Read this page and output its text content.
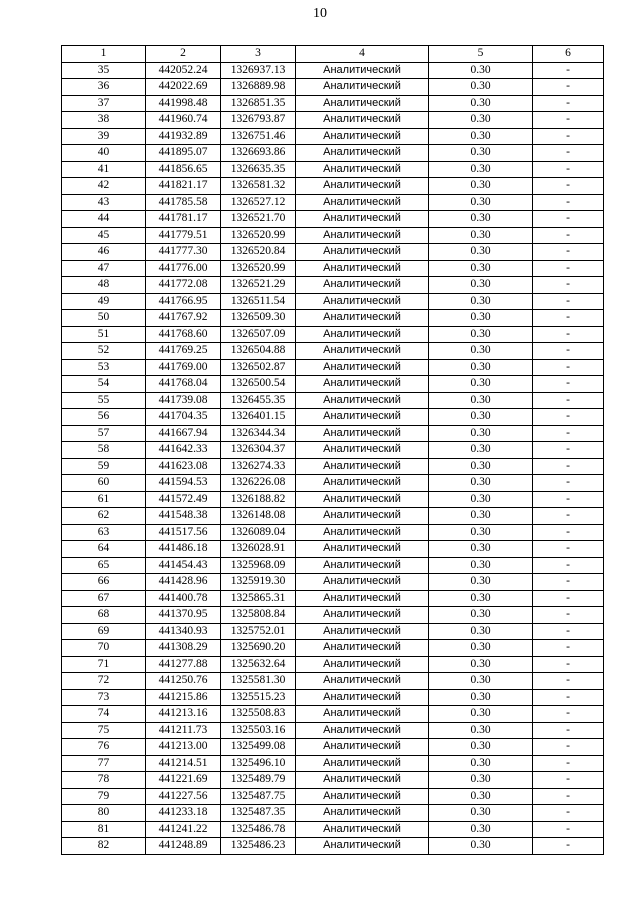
10
1	2	3	4	5	6
35	442052.24	1326937.13	Аналитический	0.30	-
36	442022.69	1326889.98	Аналитический	0.30	-
37	441998.48	1326851.35	Аналитический	0.30	-
38	441960.74	1326793.87	Аналитический	0.30	-
39	441932.89	1326751.46	Аналитический	0.30	-
40	441895.07	1326693.86	Аналитический	0.30	-
41	441856.65	1326635.35	Аналитический	0.30	-
42	441821.17	1326581.32	Аналитический	0.30	-
43	441785.58	1326527.12	Аналитический	0.30	-
44	441781.17	1326521.70	Аналитический	0.30	-
45	441779.51	1326520.99	Аналитический	0.30	-
46	441777.30	1326520.84	Аналитический	0.30	-
47	441776.00	1326520.99	Аналитический	0.30	-
48	441772.08	1326521.29	Аналитический	0.30	-
49	441766.95	1326511.54	Аналитический	0.30	-
50	441767.92	1326509.30	Аналитический	0.30	-
51	441768.60	1326507.09	Аналитический	0.30	-
52	441769.25	1326504.88	Аналитический	0.30	-
53	441769.00	1326502.87	Аналитический	0.30	-
54	441768.04	1326500.54	Аналитический	0.30	-
55	441739.08	1326455.35	Аналитический	0.30	-
56	441704.35	1326401.15	Аналитический	0.30	-
57	441667.94	1326344.34	Аналитический	0.30	-
58	441642.33	1326304.37	Аналитический	0.30	-
59	441623.08	1326274.33	Аналитический	0.30	-
60	441594.53	1326226.08	Аналитический	0.30	-
61	441572.49	1326188.82	Аналитический	0.30	-
62	441548.38	1326148.08	Аналитический	0.30	-
63	441517.56	1326089.04	Аналитический	0.30	-
64	441486.18	1326028.91	Аналитический	0.30	-
65	441454.43	1325968.09	Аналитический	0.30	-
66	441428.96	1325919.30	Аналитический	0.30	-
67	441400.78	1325865.31	Аналитический	0.30	-
68	441370.95	1325808.84	Аналитический	0.30	-
69	441340.93	1325752.01	Аналитический	0.30	-
70	441308.29	1325690.20	Аналитический	0.30	-
71	441277.88	1325632.64	Аналитический	0.30	-
72	441250.76	1325581.30	Аналитический	0.30	-
73	441215.86	1325515.23	Аналитический	0.30	-
74	441213.16	1325508.83	Аналитический	0.30	-
75	441211.73	1325503.16	Аналитический	0.30	-
76	441213.00	1325499.08	Аналитический	0.30	-
77	441214.51	1325496.10	Аналитический	0.30	-
78	441221.69	1325489.79	Аналитический	0.30	-
79	441227.56	1325487.75	Аналитический	0.30	-
80	441233.18	1325487.35	Аналитический	0.30	-
81	441241.22	1325486.78	Аналитический	0.30	-
82	441248.89	1325486.23	Аналитический	0.30	-
